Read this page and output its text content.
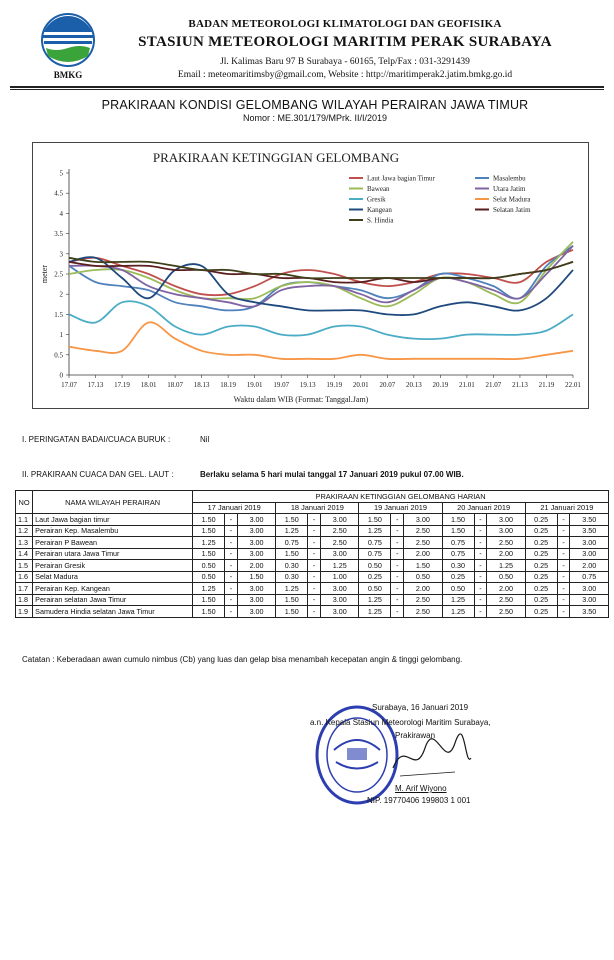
BMKG
BADAN METEOROLOGI KLIMATOLOGI DAN GEOFISIKA
STASIUN METEOROLOGI MARITIM PERAK SURABAYA
Jl. Kalimas Baru 97 B Surabaya - 60165, Telp/Fax : 031-3291439
Email : meteomaritimsby@gmail.com, Website : http://maritimperak2.jatim.bmkg.go.id
PRAKIRAAN KONDISI GELOMBANG WILAYAH PERAIRAN JAWA TIMUR
Nomor : ME.301/179/MPrk. II/I/2019
PRAKIRAAN KETINGGIAN GELOMBANG
0
0.5
1
1.5
2
2.5
3
3.5
4
4.5
5
meter
17.07 17.13 17.19 18.01 18.07 18.13 18.19 19.01 19.07 19.13 19.19 20.01 20.07 20.13 20.19 21.01 21.07 21.13 21.19 22.01
Waktu dalam WIB (Format: Tanggal.Jam)
Laut Jawa bagian Timur	Masalembu
Bawean	Utara Jatim
Gresik	Selat Madura
Kangean	Selatan Jatim
S. Hindia
I. PERINGATAN BADAI/CUACA BURUK :	Nil
II. PRAKIRAAN CUACA DAN GEL. LAUT :	Berlaku selama 5 hari mulai tanggal 17 Januari 2019 pukul 07.00 WIB.
NO	NAMA WILAYAH PERAIRAN	PRAKIRAAN KETINGGIAN GELOMBANG HARIAN														
		17 Januari 2019			18 Januari 2019			19 Januari 2019			20 Januari 2019			21 Januari 2019		
1.1	Laut Jawa bagian timur	1.50	-	3.00	1.50	-	3.00	1.50	-	3.00	1.50	-	3.00	0.25	-	3.50
1.2	Perairan Kep. Masalembu	1.50	-	3.00	1.25	-	2.50	1.25	-	2.50	1.50	-	3.00	0.25	-	3.50
1.3	Perairan P Bawean	1.25	-	3.00	0.75	-	2.50	0.75	-	2.50	0.75	-	2.50	0.25	-	3.00
1.4	Perairan utara Jawa Timur	1.50	-	3.00	1.50	-	3.00	0.75	-	2.00	0.75	-	2.00	0.25	-	3.00
1.5	Perairan Gresik	0.50	-	2.00	0.30	-	1.25	0.50	-	1.50	0.30	-	1.25	0.25	-	2.00
1.6	Selat Madura	0.50	-	1.50	0.30	-	1.00	0.25	-	0.50	0.25	-	0.50	0.25	-	0.75
1.7	Perairan Kep. Kangean	1.25	-	3.00	1.25	-	3.00	0.50	-	2.00	0.50	-	2.00	0.25	-	3.00
1.8	Perairan selatan Jawa Timur	1.50	-	3.00	1.50	-	3.00	1.25	-	2.50	1.25	-	2.50	0.25	-	3.00
1.9	Samudera Hindia selatan Jawa Timur	1.50	-	3.00	1.50	-	3.00	1.25	-	2.50	1.25	-	2.50	0.25	-	3.50
Catatan : Keberadaan awan cumulo nimbus (Cb) yang luas dan gelap bisa menambah kecepatan angin & tinggi gelombang.
Surabaya, 16 Januari 2019
a.n. Kepala Stasiun Meteorologi Maritim Surabaya,
Prakirawan
M. Arif Wiyono
NIP. 19770406 199803 1 001
